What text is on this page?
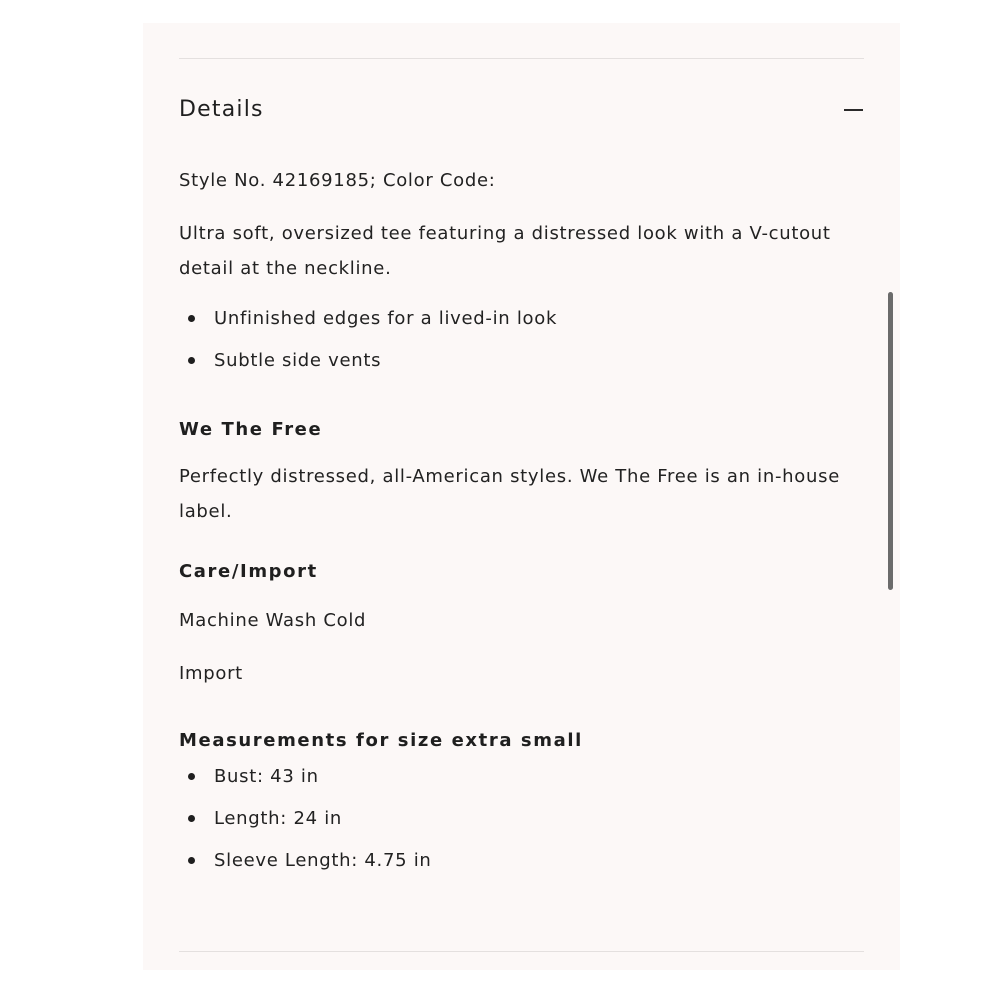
Details

Style No. 42169185; Color Code:

Ultra soft, oversized tee featuring a distressed look with a V-cutout detail at the neckline.

Unfinished edges for a lived-in look
Subtle side vents

We The Free

Perfectly distressed, all-American styles. We The Free is an in-house label.

Care/Import

Machine Wash Cold

Import

Measurements for size extra small

Bust: 43 in
Length: 24 in
Sleeve Length: 4.75 in
